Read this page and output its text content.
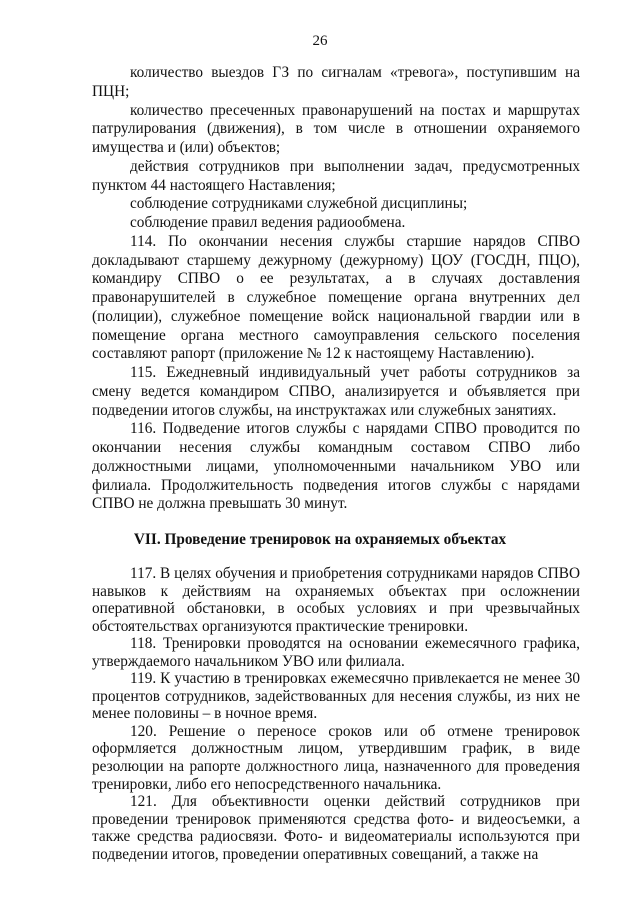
26

количество выездов ГЗ по сигналам «тревога», поступившим на ПЦН;

количество пресеченных правонарушений на постах и маршрутах патрулирования (движения), в том числе в отношении охраняемого имущества и (или) объектов;

действия сотрудников при выполнении задач, предусмотренных пунктом 44 настоящего Наставления;

соблюдение сотрудниками служебной дисциплины;

соблюдение правил ведения радиообмена.

114. По окончании несения службы старшие нарядов СПВО докладывают старшему дежурному (дежурному) ЦОУ (ГОСДН, ПЦО), командиру СПВО о ее результатах, а в случаях доставления правонарушителей в служебное помещение органа внутренних дел (полиции), служебное помещение войск национальной гвардии или в помещение органа местного самоуправления сельского поселения составляют рапорт (приложение № 12 к настоящему Наставлению).

115. Ежедневный индивидуальный учет работы сотрудников за смену ведется командиром СПВО, анализируется и объявляется при подведении итогов службы, на инструктажах или служебных занятиях.

116. Подведение итогов службы с нарядами СПВО проводится по окончании несения службы командным составом СПВО либо должностными лицами, уполномоченными начальником УВО или филиала. Продолжительность подведения итогов службы с нарядами СПВО не должна превышать 30 минут.

VII. Проведение тренировок на охраняемых объектах

117. В целях обучения и приобретения сотрудниками нарядов СПВО навыков к действиям на охраняемых объектах при осложнении оперативной обстановки, в особых условиях и при чрезвычайных обстоятельствах организуются практические тренировки.

118. Тренировки проводятся на основании ежемесячного графика, утверждаемого начальником УВО или филиала.

119. К участию в тренировках ежемесячно привлекается не менее 30 процентов сотрудников, задействованных для несения службы, из них не менее половины – в ночное время.

120. Решение о переносе сроков или об отмене тренировок оформляется должностным лицом, утвердившим график, в виде резолюции на рапорте должностного лица, назначенного для проведения тренировки, либо его непосредственного начальника.

121. Для объективности оценки действий сотрудников при проведении тренировок применяются средства фото- и видеосъемки, а также средства радиосвязи. Фото- и видеоматериалы используются при подведении итогов, проведении оперативных совещаний, а также на
